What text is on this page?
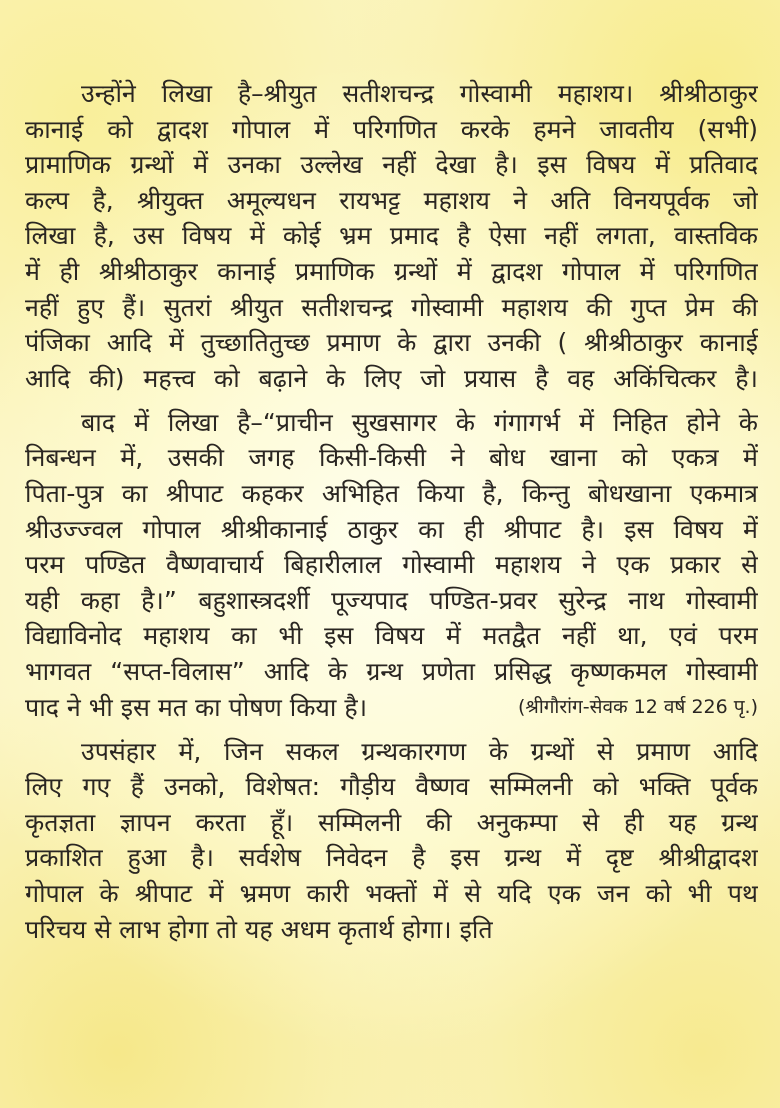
उन्होंने लिखा है–श्रीयुत सतीशचन्द्र गोस्वामी महाशय। श्रीश्रीठाकुर
कानाई को द्वादश गोपाल में परिगणित करके हमने जावतीय (सभी)
प्रामाणिक ग्रन्थों में उनका उल्लेख नहीं देखा है। इस विषय में प्रतिवाद
कल्प है, श्रीयुक्त अमूल्यधन रायभट्ट महाशय ने अति विनयपूर्वक जो
लिखा है, उस विषय में कोई भ्रम प्रमाद है ऐसा नहीं लगता, वास्तविक
में ही श्रीश्रीठाकुर कानाई प्रमाणिक ग्रन्थों में द्वादश गोपाल में परिगणित
नहीं हुए हैं। सुतरां श्रीयुत सतीशचन्द्र गोस्वामी महाशय की गुप्त प्रेम की
पंजिका आदि में तुच्छातितुच्छ प्रमाण के द्वारा उनकी ( श्रीश्रीठाकुर कानाई
आदि की) महत्त्व को बढ़ाने के लिए जो प्रयास है वह अकिंचित्कर है।
बाद में लिखा है–“प्राचीन सुखसागर के गंगागर्भ में निहित होने के
निबन्धन में, उसकी जगह किसी-किसी ने बोध खाना को एकत्र में
पिता-पुत्र का श्रीपाट कहकर अभिहित किया है, किन्तु बोधखाना एकमात्र
श्रीउज्ज्वल गोपाल श्रीश्रीकानाई ठाकुर का ही श्रीपाट है। इस विषय में
परम पण्डित वैष्णवाचार्य बिहारीलाल गोस्वामी महाशय ने एक प्रकार से
यही कहा है।” बहुशास्त्रदर्शी पूज्यपाद पण्डित-प्रवर सुरेन्द्र नाथ गोस्वामी
विद्याविनोद महाशय का भी इस विषय में मतद्वैत नहीं था, एवं परम
भागवत “सप्त-विलास” आदि के ग्रन्थ प्रणेता प्रसिद्ध कृष्णकमल गोस्वामी
पाद ने भी इस मत का पोषण किया है।	(श्रीगौरांग-सेवक 12 वर्ष 226 पृ.)
उपसंहार में, जिन सकल ग्रन्थकारगण के ग्रन्थों से प्रमाण आदि
लिए गए हैं उनको, विशेषत: गौड़ीय वैष्णव सम्मिलनी को भक्ति पूर्वक
कृतज्ञता ज्ञापन करता हूँ। सम्मिलनी की अनुकम्पा से ही यह ग्रन्थ
प्रकाशित हुआ है। सर्वशेष निवेदन है इस ग्रन्थ में दृष्ट श्रीश्रीद्वादश
गोपाल के श्रीपाट में भ्रमण कारी भक्तों में से यदि एक जन को भी पथ
परिचय से लाभ होगा तो यह अधम कृतार्थ होगा। इति
